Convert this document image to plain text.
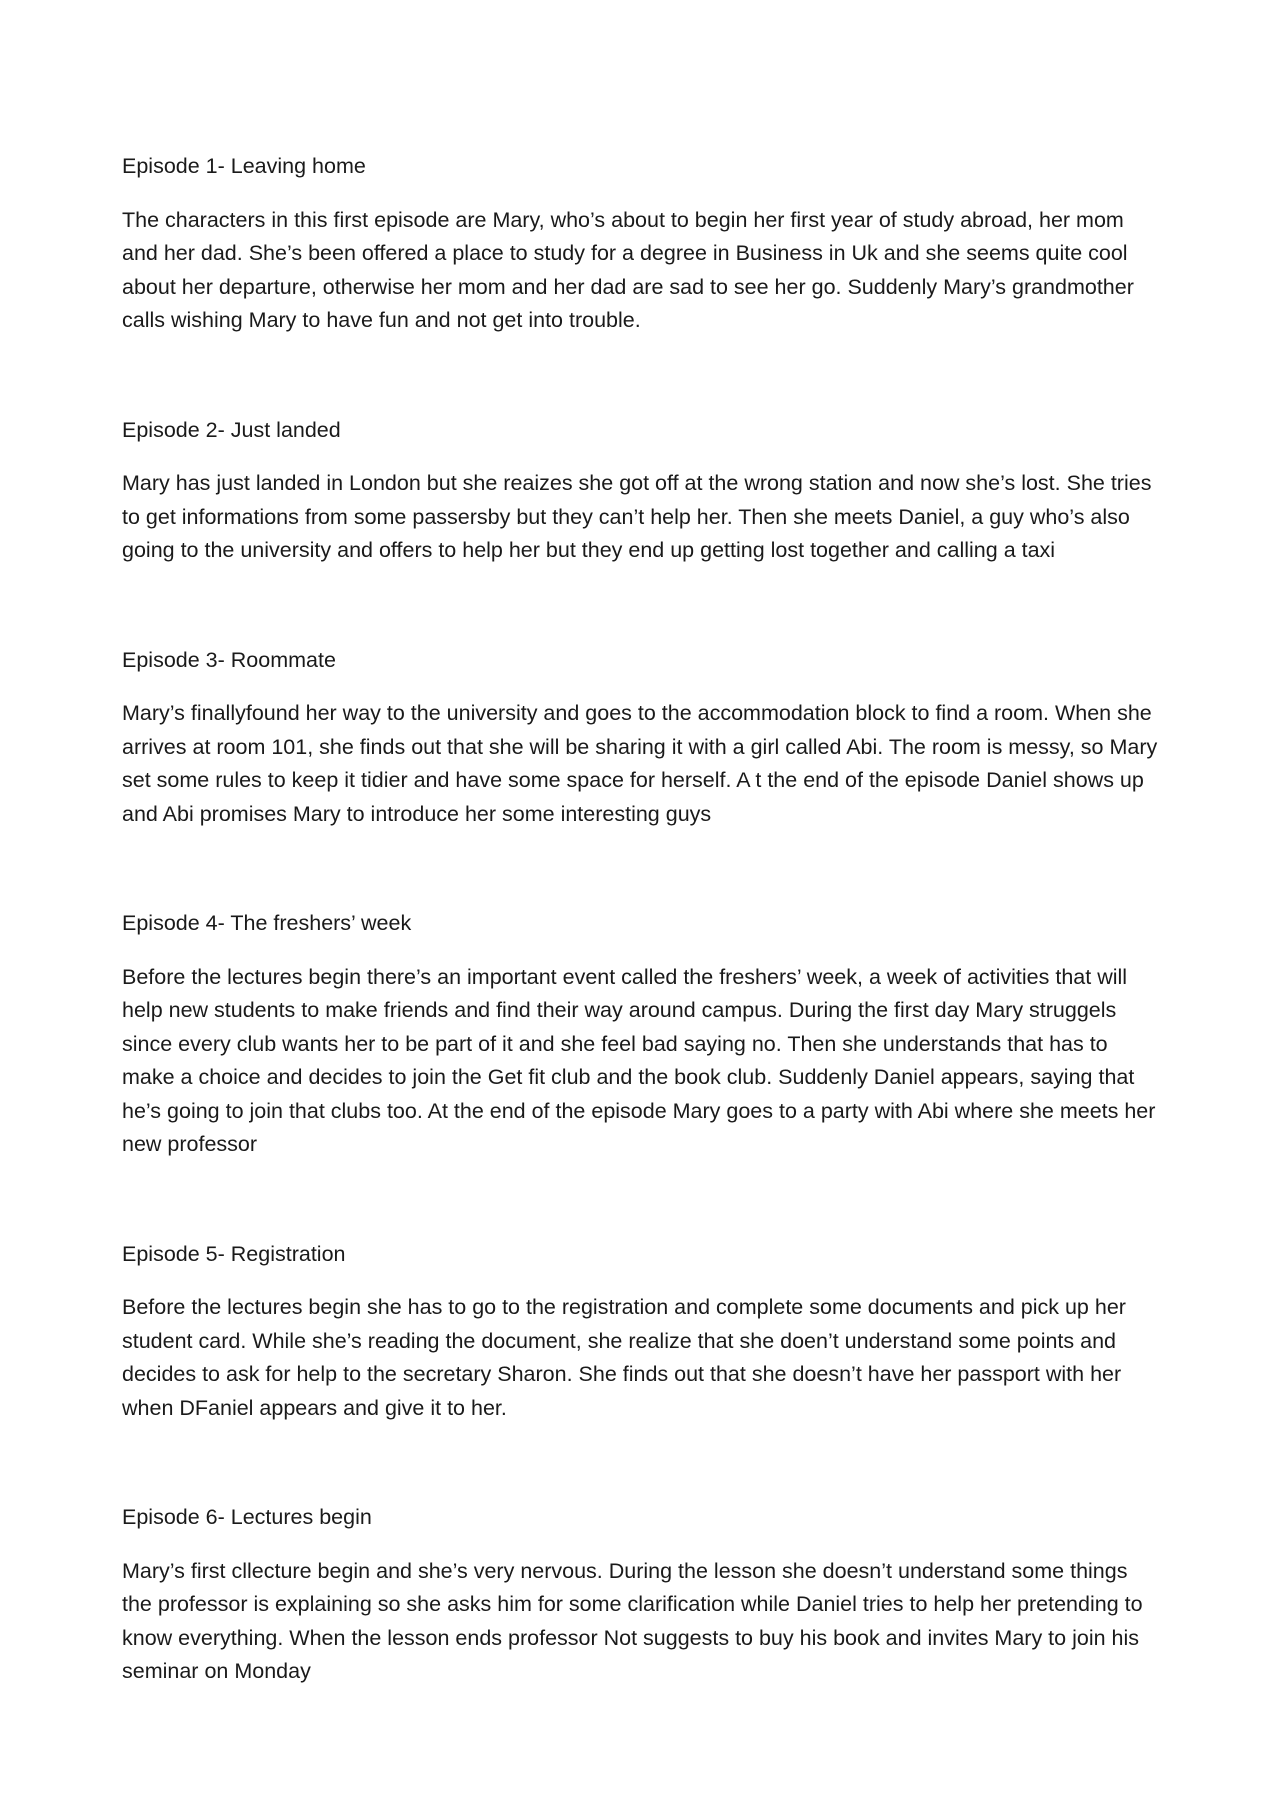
Episode 1- Leaving home

The characters in this first episode are Mary, who’s about to begin her first year of study abroad, her mom and her dad. She’s been offered a place to study for a degree in Business in Uk and she seems quite cool about her departure, otherwise her mom and her dad are sad to see her go. Suddenly Mary’s grandmother calls wishing Mary to have fun and not get into trouble.

Episode 2- Just landed

Mary has just landed in London but she reaizes she got off at the wrong station and now she’s lost. She tries to get informations from some passersby but they can’t help her. Then she meets Daniel, a guy who’s also going to the university and offers to help her but they end up getting lost together and calling a taxi

Episode 3- Roommate

Mary’s finallyfound her way to the university and goes to the accommodation block to find a room. When she arrives at room 101, she finds out that she will be sharing it with a girl called Abi. The room is messy, so Mary set some rules to keep it tidier and have some space for herself. A t the end of the episode Daniel shows up and Abi promises Mary to introduce her some interesting guys

Episode 4- The freshers’ week

Before the lectures begin there’s an important event called the freshers’ week, a week of activities that will help new students to make friends and find their way around campus. During the first day Mary struggels since every club wants her to be part of it and she feel bad saying no. Then she understands that has to make a choice and decides to join the Get fit club and the book club. Suddenly Daniel appears, saying that he’s going to join that clubs too. At the end of the episode Mary goes to a party with Abi where she meets her new professor

Episode 5- Registration

Before the lectures begin she has to go to the registration and complete some documents and pick up her student card. While she’s reading the document, she realize that she doen’t understand some points and decides to ask for help to the secretary Sharon. She finds out that she doesn’t have her passport with her when DFaniel appears and give it to her.

Episode 6- Lectures begin

Mary’s first cllecture begin and she’s very nervous. During the lesson she doesn’t understand some things the professor is explaining so she asks him for some clarification while Daniel tries to help her pretending to know everything. When the lesson ends professor Not suggests to buy his book and invites Mary to join his seminar on Monday
